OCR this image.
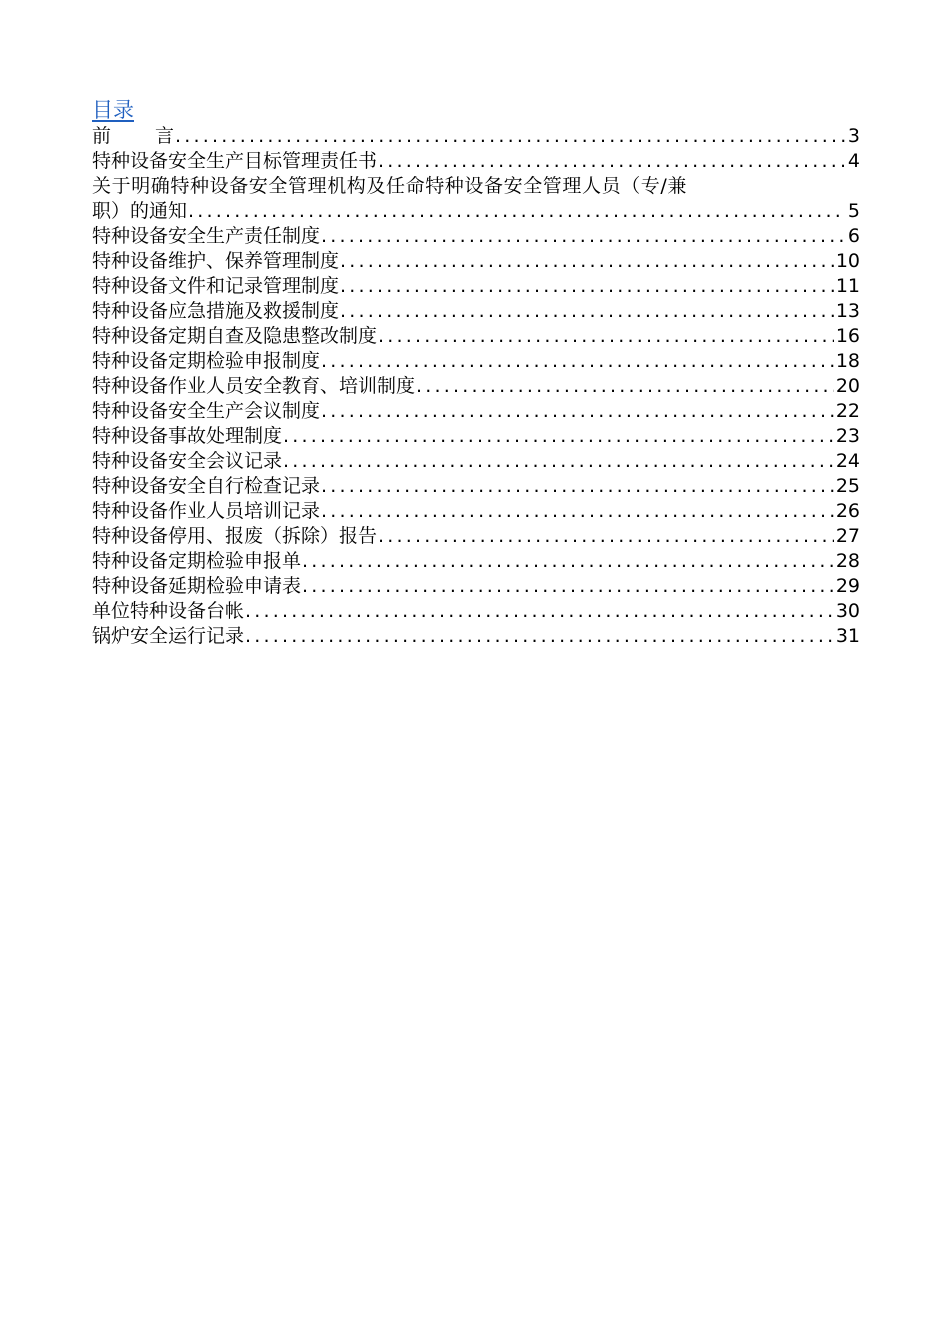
目录
前 言 .....	3
特种设备安全生产目标管理责任书 .....	4
关于明确特种设备安全管理机构及任命特种设备安全管理人员（专/兼
职）的通知 .....	5
特种设备安全生产责任制度 .....	6
特种设备维护、保养管理制度 .....	10
特种设备文件和记录管理制度 .....	11
特种设备应急措施及救援制度 .....	13
特种设备定期自查及隐患整改制度 .....	16
特种设备定期检验申报制度 .....	18
特种设备作业人员安全教育、培训制度 .....	20
特种设备安全生产会议制度 .....	22
特种设备事故处理制度 .....	23
特种设备安全会议记录 .....	24
特种设备安全自行检查记录 .....	25
特种设备作业人员培训记录 .....	26
特种设备停用、报废（拆除）报告 .....	27
特种设备定期检验申报单 .....	28
特种设备延期检验申请表 .....	29
单位特种设备台帐 .....	30
锅炉安全运行记录 .....	31
